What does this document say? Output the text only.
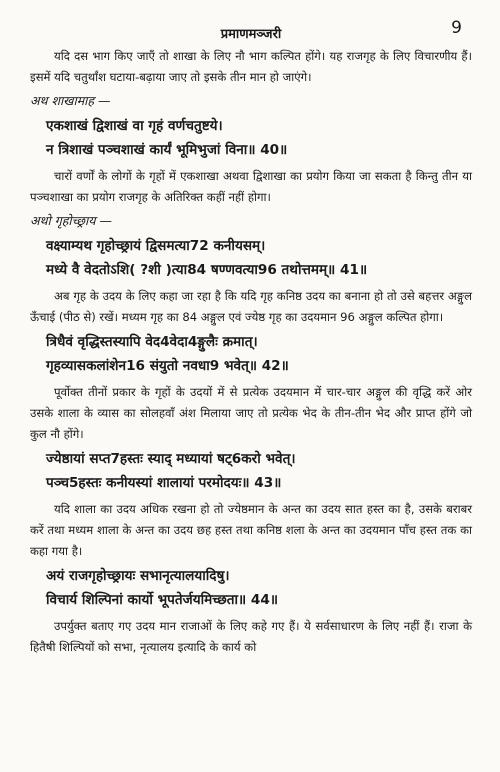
प्रमाणमञ्जरी	9

यदि दस भाग किए जाएँ तो शाखा के लिए नौ भाग कल्पित होंगे। यह राजगृह के लिए विचारणीय हैं। इसमें यदि चतुर्थांश घटाया-बढ़ाया जाए तो इसके तीन मान हो जाएंगे।

अथ शाखामाह —
एकशाखं द्विशाखं वा गृहं वर्णचतुष्टये।
न त्रिशाखं पञ्चशाखं कार्यं भूमिभुजां विना॥ 40॥

चारों वर्णों के लोगों के गृहों में एकशाखा अथवा द्विशाखा का प्रयोग किया जा सकता है किन्तु तीन या पञ्चशाखा का प्रयोग राजगृह के अतिरिक्त कहीं नहीं होगा।

अथो गृहोच्छ्राय —
वक्ष्याम्यथ गृहोच्छ्रायं द्विसमत्या72 कनीयसम्।
मध्ये वै वेदतोऽशि( ?शी )त्या84 षण्णवत्या96 तथोत्तमम्॥ 41॥

अब गृह के उदय के लिए कहा जा रहा है कि यदि गृह कनिष्ठ उदय का बनाना हो तो उसे बहत्तर अङ्गुल ऊँचाई (पीठ से) रखें। मध्यम गृह का 84 अङ्गुल एवं ज्येष्ठ गृह का उदयमान 96 अङ्गुल कल्पित होगा।

त्रिधैवं वृद्धिस्तस्यापि वेद4वेदा4ङ्गुलैः क्रमात्।
गृहव्यासकलांशेन16 संयुतो नवधा9 भवेत्॥ 42॥

पूर्वोक्त तीनों प्रकार के गृहों के उदयों में से प्रत्येक उदयमान में चार-चार अङ्गुल की वृद्धि करें ओर उसके शाला के व्यास का सोलहवाँ अंश मिलाया जाए तो प्रत्येक भेद के तीन-तीन भेद और प्राप्त होंगे जो कुल नौ होंगे।

ज्येष्ठायां सप्त7हस्तः स्याद् मध्यायां षट्6करो भवेत्।
पञ्च5हस्तः कनीयस्यां शालायां परमोदयः॥ 43॥

यदि शाला का उदय अधिक रखना हो तो ज्येष्ठमान के अन्त का उदय सात हस्त का है, उसके बराबर करें तथा मध्यम शाला के अन्त का उदय छह हस्त तथा कनिष्ठ शला के अन्त का उदयमान पाँच हस्त तक का कहा गया है।

अयं राजगृहोच्छ्रायः सभानृत्यालयादिषु।
विचार्य शिल्पिनां कार्यो भूपतेर्जयमिच्छता॥ 44॥

उपर्युक्त बताए गए उदय मान राजाओं के लिए कहे गए हैं। ये सर्वसाधारण के लिए नहीं हैं। राजा के हितैषी शिल्पियों को सभा, नृत्यालय इत्यादि के कार्य को
